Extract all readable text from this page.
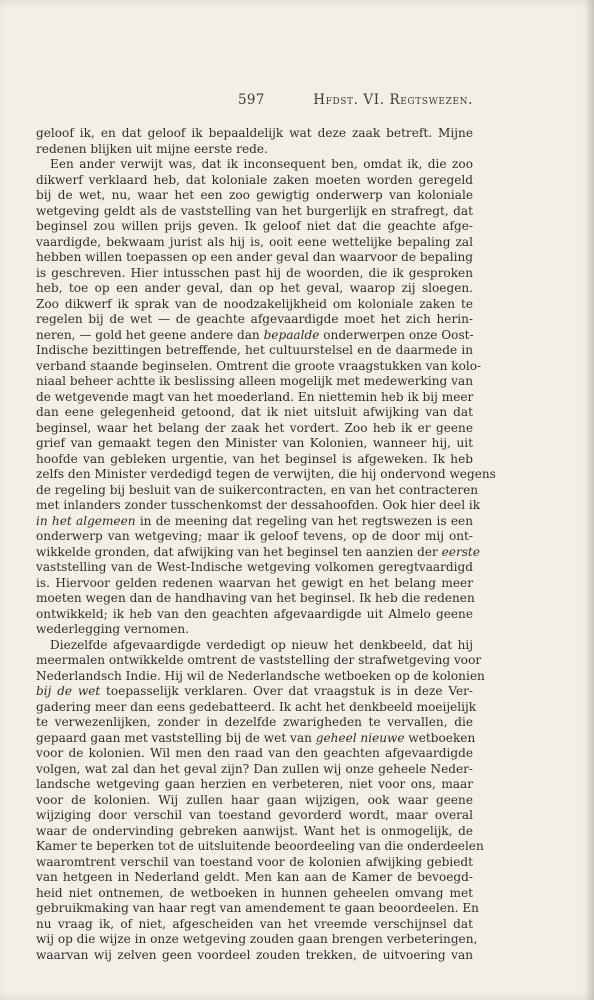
597	Hfdst. VI. Regtswezen.
geloof ik, en dat geloof ik bepaaldelijk wat deze zaak betreft. Mijne
redenen blijken uit mijne eerste rede.
Een ander verwijt was, dat ik inconsequent ben, omdat ik, die zoo
dikwerf verklaard heb, dat koloniale zaken moeten worden geregeld
bij de wet, nu, waar het een zoo gewigtig onderwerp van koloniale
wetgeving geldt als de vaststelling van het burgerlijk en strafregt, dat
beginsel zou willen prijs geven. Ik geloof niet dat die geachte afge-
vaardigde, bekwaam jurist als hij is, ooit eene wettelijke bepaling zal
hebben willen toepassen op een ander geval dan waarvoor de bepaling
is geschreven. Hier intusschen past hij de woorden, die ik gesproken
heb, toe op een ander geval, dan op het geval, waarop zij sloegen.
Zoo dikwerf ik sprak van de noodzakelijkheid om koloniale zaken te
regelen bij de wet — de geachte afgevaardigde moet het zich herin-
neren, — gold het geene andere dan bepaalde onderwerpen onze Oost-
Indische bezittingen betreffende, het cultuurstelsel en de daarmede in
verband staande beginselen. Omtrent die groote vraagstukken van kolo-
niaal beheer achtte ik beslissing alleen mogelijk met medewerking van
de wetgevende magt van het moederland. En niettemin heb ik bij meer
dan eene gelegenheid getoond, dat ik niet uitsluit afwijking van dat
beginsel, waar het belang der zaak het vordert. Zoo heb ik er geene
grief van gemaakt tegen den Minister van Kolonien, wanneer hij, uit
hoofde van gebleken urgentie, van het beginsel is afgeweken. Ik heb
zelfs den Minister verdedigd tegen de verwijten, die hij ondervond wegens
de regeling bij besluit van de suikercontracten, en van het contracteren
met inlanders zonder tusschenkomst der dessahoofden. Ook hier deel ik
in het algemeen in de meening dat regeling van het regtswezen is een
onderwerp van wetgeving; maar ik geloof tevens, op de door mij ont-
wikkelde gronden, dat afwijking van het beginsel ten aanzien der eerste
vaststelling van de West-Indische wetgeving volkomen geregtvaardigd
is. Hiervoor gelden redenen waarvan het gewigt en het belang meer
moeten wegen dan de handhaving van het beginsel. Ik heb die redenen
ontwikkeld; ik heb van den geachten afgevaardigde uit Almelo geene
wederlegging vernomen.
Diezelfde afgevaardigde verdedigt op nieuw het denkbeeld, dat hij
meermalen ontwikkelde omtrent de vaststelling der strafwetgeving voor
Nederlandsch Indie. Hij wil de Nederlandsche wetboeken op de kolonien
bij de wet toepasselijk verklaren. Over dat vraagstuk is in deze Ver-
gadering meer dan eens gedebatteerd. Ik acht het denkbeeld moeijelijk
te verwezenlijken, zonder in dezelfde zwarigheden te vervallen, die
gepaard gaan met vaststelling bij de wet van geheel nieuwe wetboeken
voor de kolonien. Wil men den raad van den geachten afgevaardigde
volgen, wat zal dan het geval zijn? Dan zullen wij onze geheele Neder-
landsche wetgeving gaan herzien en verbeteren, niet voor ons, maar
voor de kolonien. Wij zullen haar gaan wijzigen, ook waar geene
wijziging door verschil van toestand gevorderd wordt, maar overal
waar de ondervinding gebreken aanwijst. Want het is onmogelijk, de
Kamer te beperken tot de uitsluitende beoordeeling van die onderdeelen
waaromtrent verschil van toestand voor de kolonien afwijking gebiedt
van hetgeen in Nederland geldt. Men kan aan de Kamer de bevoegd-
heid niet ontnemen, de wetboeken in hunnen geheelen omvang met
gebruikmaking van haar regt van amendement te gaan beoordeelen. En
nu vraag ik, of niet, afgescheiden van het vreemde verschijnsel dat
wij op die wijze in onze wetgeving zouden gaan brengen verbeteringen,
waarvan wij zelven geen voordeel zouden trekken, de uitvoering van
